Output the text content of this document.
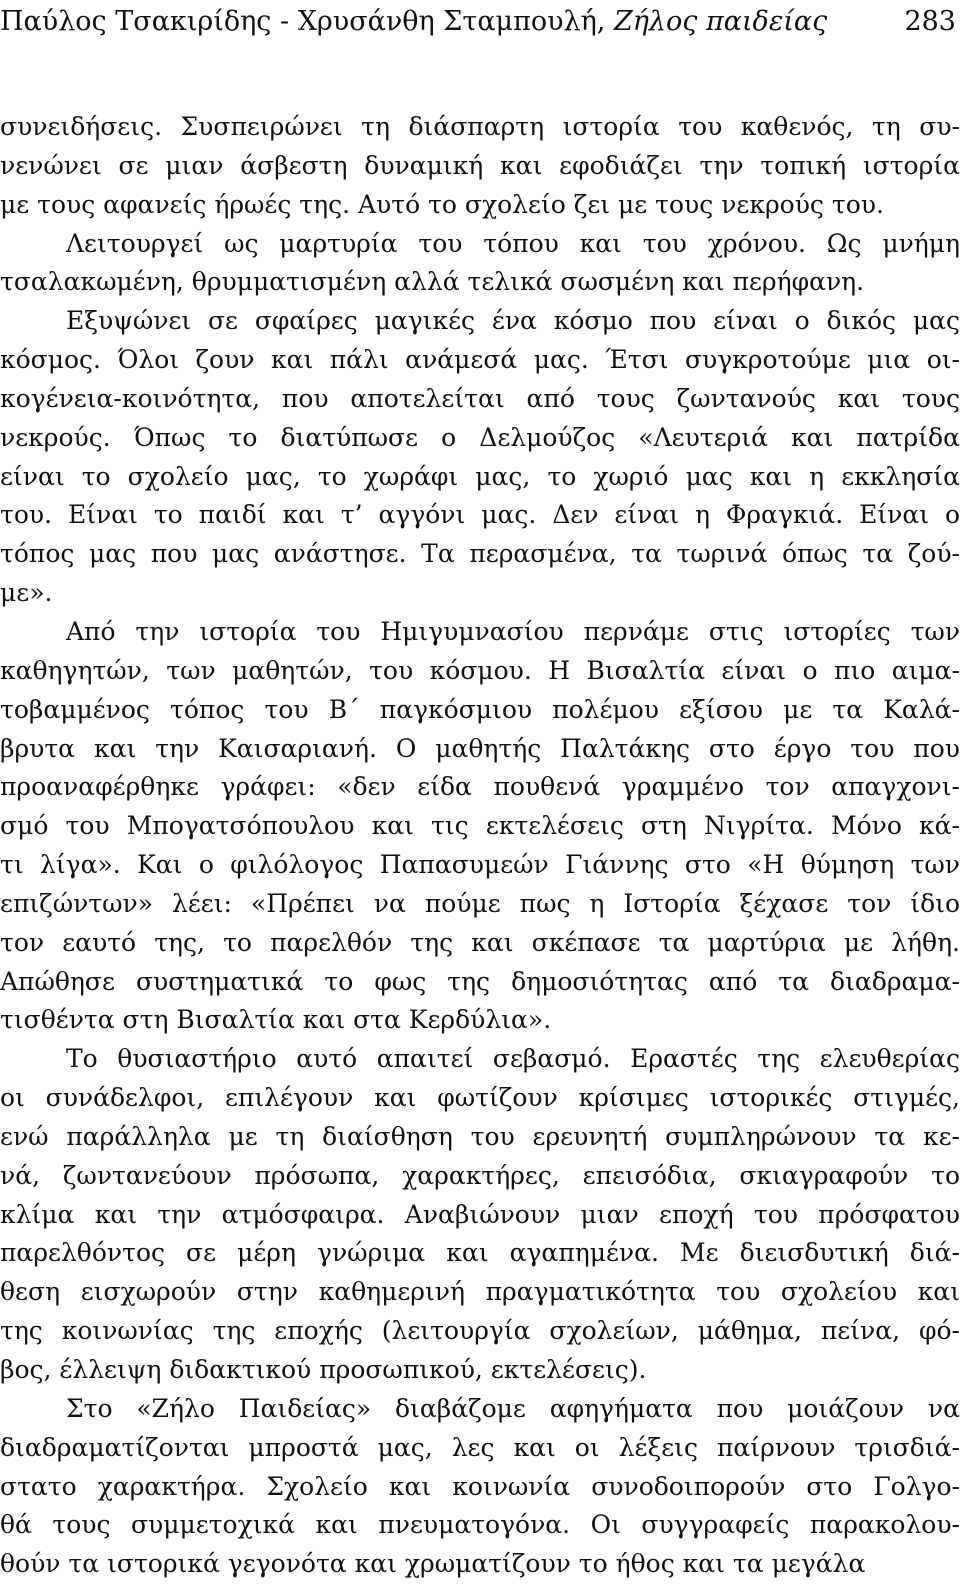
Παύλος Τσακιρίδης - Χρυσάνθη Σταμπουλή, Ζήλος παιδείας	283
συνειδήσεις. Συσπειρώνει τη διάσπαρτη ιστορία του καθενός, τη συ-
νενώνει σε μιαν άσβεστη δυναμική και εφοδιάζει την τοπική ιστορία
με τους αφανείς ήρωές της. Αυτό το σχολείο ζει με τους νεκρούς του.
Λειτουργεί ως μαρτυρία του τόπου και του χρόνου. Ως μνήμη
τσαλακωμένη, θρυμματισμένη αλλά τελικά σωσμένη και περήφανη.
Εξυψώνει σε σφαίρες μαγικές ένα κόσμο που είναι ο δικός μας
κόσμος. Όλοι ζουν και πάλι ανάμεσά μας. Έτσι συγκροτούμε μια οι-
κογένεια-κοινότητα, που αποτελείται από τους ζωντανούς και τους
νεκρούς. Όπως το διατύπωσε ο Δελμούζος «Λευτεριά και πατρίδα
είναι το σχολείο μας, το χωράφι μας, το χωριό μας και η εκκλησία
του. Είναι το παιδί και τ’ αγγόνι μας. Δεν είναι η Φραγκιά. Είναι ο
τόπος μας που μας ανάστησε. Τα περασμένα, τα τωρινά όπως τα ζού-
με».
Από την ιστορία του Ημιγυμνασίου περνάμε στις ιστορίες των
καθηγητών, των μαθητών, του κόσμου. Η Βισαλτία είναι ο πιο αιμα-
τοβαμμένος τόπος του Β΄ παγκόσμιου πολέμου εξίσου με τα Καλά-
βρυτα και την Καισαριανή. Ο μαθητής Παλτάκης στο έργο του που
προαναφέρθηκε γράφει: «δεν είδα πουθενά γραμμένο τον απαγχονι-
σμό του Μπογατσόπουλου και τις εκτελέσεις στη Νιγρίτα. Μόνο κά-
τι λίγα». Και ο φιλόλογος Παπασυμεών Γιάννης στο «Η θύμηση των
επιζώντων» λέει: «Πρέπει να πούμε πως η Ιστορία ξέχασε τον ίδιο
τον εαυτό της, το παρελθόν της και σκέπασε τα μαρτύρια με λήθη.
Απώθησε συστηματικά το φως της δημοσιότητας από τα διαδραμα-
τισθέντα στη Βισαλτία και στα Κερδύλια».
Το θυσιαστήριο αυτό απαιτεί σεβασμό. Εραστές της ελευθερίας
οι συνάδελφοι, επιλέγουν και φωτίζουν κρίσιμες ιστορικές στιγμές,
ενώ παράλληλα με τη διαίσθηση του ερευνητή συμπληρώνουν τα κε-
νά, ζωντανεύουν πρόσωπα, χαρακτήρες, επεισόδια, σκιαγραφούν το
κλίμα και την ατμόσφαιρα. Αναβιώνουν μιαν εποχή του πρόσφατου
παρελθόντος σε μέρη γνώριμα και αγαπημένα. Με διεισδυτική διά-
θεση εισχωρούν στην καθημερινή πραγματικότητα του σχολείου και
της κοινωνίας της εποχής (λειτουργία σχολείων, μάθημα, πείνα, φό-
βος, έλλειψη διδακτικού προσωπικού, εκτελέσεις).
Στο «Ζήλο Παιδείας» διαβάζομε αφηγήματα που μοιάζουν να
διαδραματίζονται μπροστά μας, λες και οι λέξεις παίρνουν τρισδιά-
στατο χαρακτήρα. Σχολείο και κοινωνία συνοδοιπορούν στο Γολγο-
θά τους συμμετοχικά και πνευματογόνα. Οι συγγραφείς παρακολου-
θούν τα ιστορικά γεγονότα και χρωματίζουν το ήθος και τα μεγάλα
